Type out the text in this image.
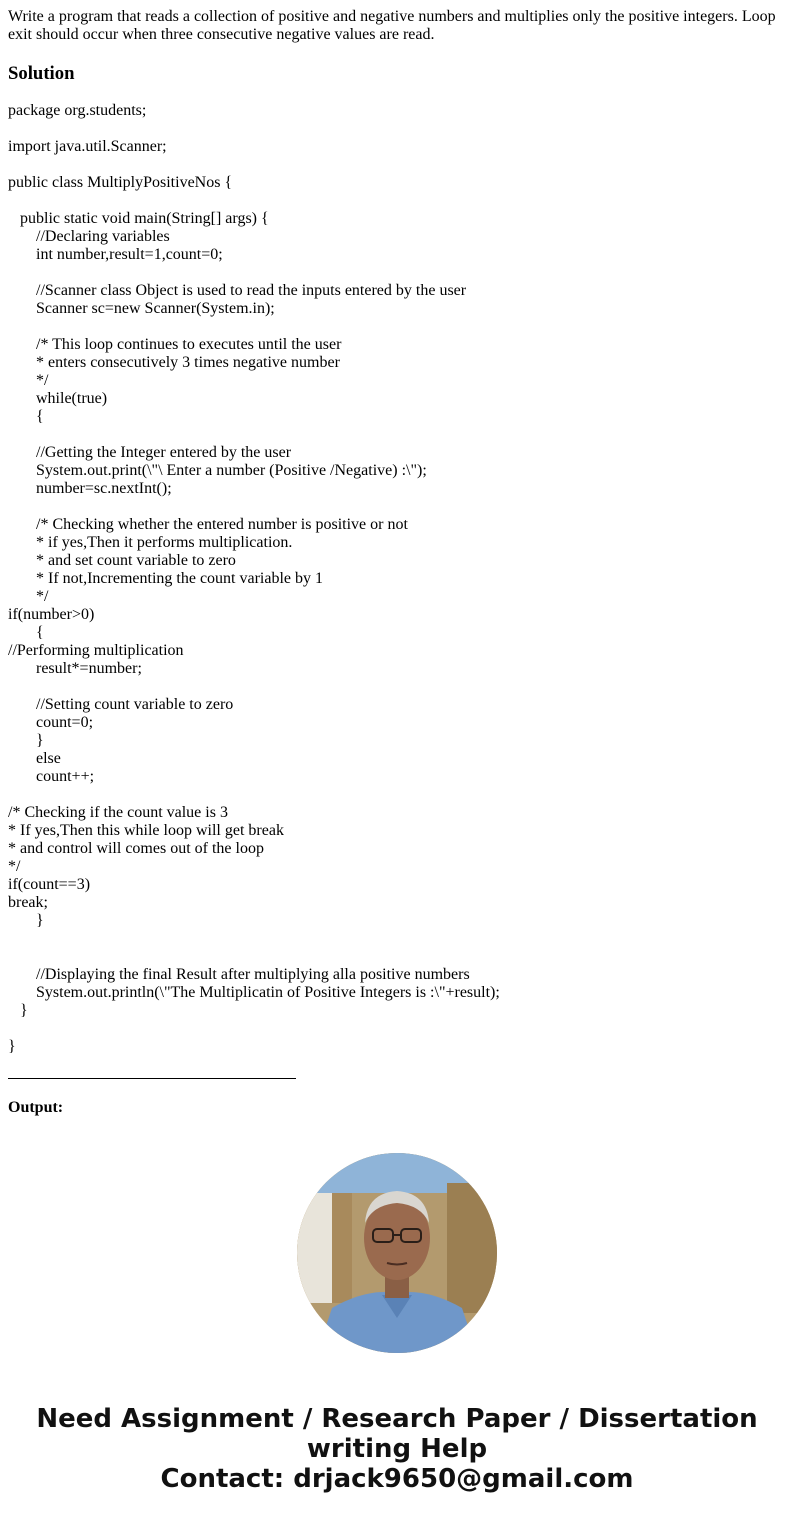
Write a program that reads a collection of positive and negative numbers and multiplies only the positive integers. Loop exit should occur when three consecutive negative values are read.

Solution
package org.students;
import java.util.Scanner;
public class MultiplyPositiveNos {
public static void main(String[] args) {
//Declaring variables
int number,result=1,count=0;
//Scanner class Object is used to read the inputs entered by the user
Scanner sc=new Scanner(System.in);
/* This loop continues to executes until the user
* enters consecutively 3 times negative number
*/
while(true)
{
//Getting the Integer entered by the user
System.out.print(\"\ Enter a number (Positive /Negative) :\");
number=sc.nextInt();
/* Checking whether the entered number is positive or not
* if yes,Then it performs multiplication.
* and set count variable to zero
* If not,Incrementing the count variable by 1
*/
if(number>0)
{
//Performing multiplication
result*=number;
//Setting count variable to zero
count=0;
}
else
count++;
/* Checking if the count value is 3
* If yes,Then this while loop will get break
* and control will comes out of the loop
*/
if(count==3)
break;
}
//Displaying the final Result after multiplying alla positive numbers
System.out.println(\"The Multiplicatin of Positive Integers is :\"+result);
}
}
Output:
Need Assignment / Research Paper / Dissertation
writing Help
Contact: drjack9650@gmail.com
